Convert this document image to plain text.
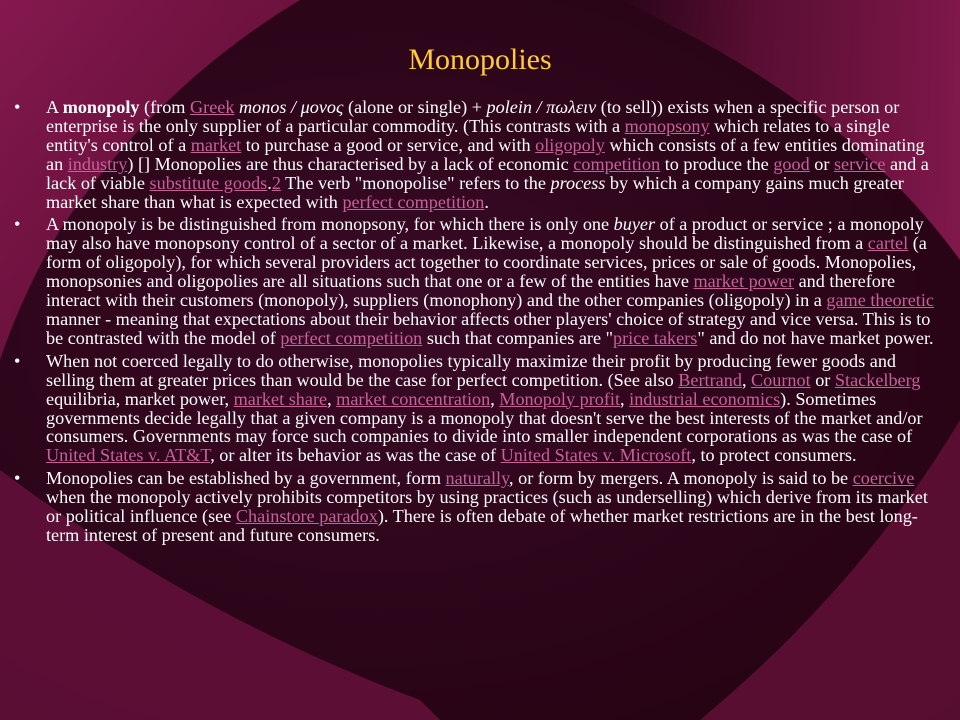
Monopolies
• A monopoly (from Greek monos / μονος (alone or single) + polein / πωλειν (to sell)) exists when a specific person or enterprise is the only supplier of a particular commodity. (This contrasts with a monopsony which relates to a single entity's control of a market to purchase a good or service, and with oligopoly which consists of a few entities dominating an industry) [] Monopolies are thus characterised by a lack of economic competition to produce the good or service and a lack of viable substitute goods.2 The verb "monopolise" refers to the process by which a company gains much greater market share than what is expected with perfect competition.
• A monopoly is be distinguished from monopsony, for which there is only one buyer of a product or service ; a monopoly may also have monopsony control of a sector of a market. Likewise, a monopoly should be distinguished from a cartel (a form of oligopoly), for which several providers act together to coordinate services, prices or sale of goods. Monopolies, monopsonies and oligopolies are all situations such that one or a few of the entities have market power and therefore interact with their customers (monopoly), suppliers (monophony) and the other companies (oligopoly) in a game theoretic manner - meaning that expectations about their behavior affects other players' choice of strategy and vice versa. This is to be contrasted with the model of perfect competition such that companies are "price takers" and do not have market power.
• When not coerced legally to do otherwise, monopolies typically maximize their profit by producing fewer goods and selling them at greater prices than would be the case for perfect competition. (See also Bertrand, Cournot or Stackelberg equilibria, market power, market share, market concentration, Monopoly profit, industrial economics). Sometimes governments decide legally that a given company is a monopoly that doesn't serve the best interests of the market and/or consumers. Governments may force such companies to divide into smaller independent corporations as was the case of United States v. AT&T, or alter its behavior as was the case of United States v. Microsoft, to protect consumers.
• Monopolies can be established by a government, form naturally, or form by mergers. A monopoly is said to be coercive when the monopoly actively prohibits competitors by using practices (such as underselling) which derive from its market or political influence (see Chainstore paradox). There is often debate of whether market restrictions are in the best long-term interest of present and future consumers.
